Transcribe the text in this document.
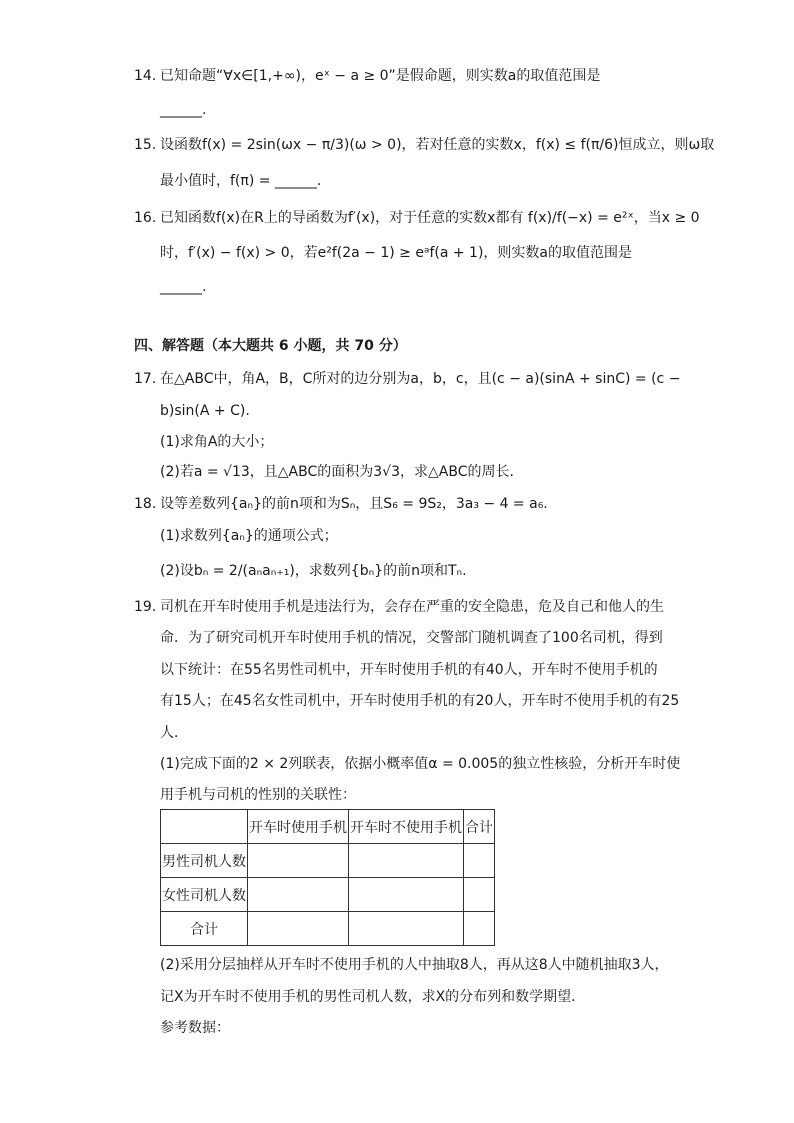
14. 已知命题“∀x∈[1,+∞)，eˣ − a ≥ 0”是假命题，则实数a的取值范围是
______.
15. 设函数f(x) = 2sin(ωx − π/3)(ω > 0)，若对任意的实数x，f(x) ≤ f(π/6)恒成立，则ω取
最小值时，f(π) = ______.
16. 已知函数f(x)在R上的导函数为f′(x)，对于任意的实数x都有 f(x)/f(−x) = e²ˣ，当x ≥ 0
时，f′(x) − f(x) > 0，若e²f(2a − 1) ≥ eᵃf(a + 1)，则实数a的取值范围是
______.
四、解答题（本大题共 6 小题，共 70 分）
17. 在△ABC中，角A，B，C所对的边分别为a，b，c，且(c − a)(sinA + sinC) = (c −
b)sin(A + C).
(1)求角A的大小；
(2)若a = √13，且△ABC的面积为3√3，求△ABC的周长.
18. 设等差数列{aₙ}的前n项和为Sₙ，且S₆ = 9S₂，3a₃ − 4 = a₆.
(1)求数列{aₙ}的通项公式；
(2)设bₙ = 2/(aₙaₙ₊₁)，求数列{bₙ}的前n项和Tₙ.
19. 司机在开车时使用手机是违法行为，会存在严重的安全隐患，危及自己和他人的生
命．为了研究司机开车时使用手机的情况，交警部门随机调查了100名司机，得到
以下统计：在55名男性司机中，开车时使用手机的有40人，开车时不使用手机的
有15人；在45名女性司机中，开车时使用手机的有20人，开车时不使用手机的有25
人．
(1)完成下面的2 × 2列联表，依据小概率值α = 0.005的独立性核验，分析开车时使
用手机与司机的性别的关联性：
	开车时使用手机	开车时不使用手机	合计
男性司机人数			
女性司机人数			
合计			
(2)采用分层抽样从开车时不使用手机的人中抽取8人，再从这8人中随机抽取3人，
记X为开车时不使用手机的男性司机人数，求X的分布列和数学期望．
参考数据：
